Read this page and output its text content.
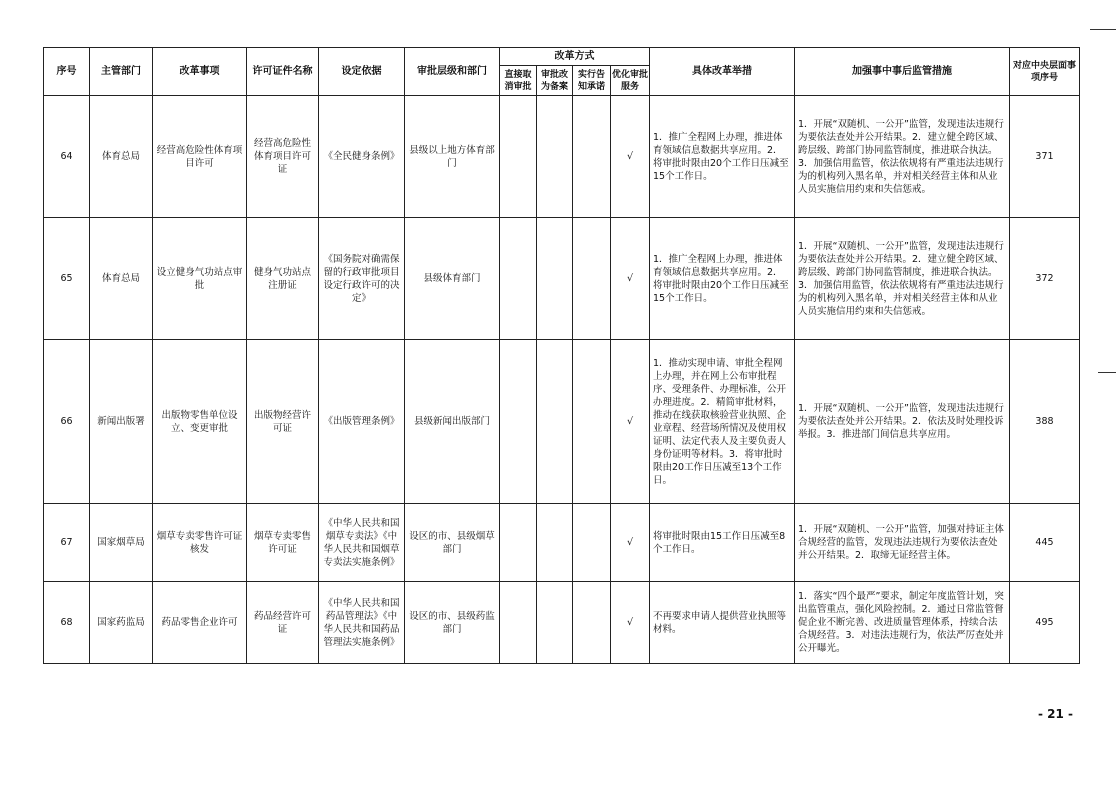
序号	主管部门	改革事项	许可证件名称	设定依据	审批层级和部门	改革方式				具体改革举措	加强事中事后监管措施	对应中央层面事项序号
						直接取消审批	审批改为备案	实行告知承诺	优化审批服务			
64	体育总局	经营高危险性体育项目许可	经营高危险性体育项目许可证	《全民健身条例》	县级以上地方体育部门				√	1．推广全程网上办理，推进体育领域信息数据共享应用。2．将审批时限由20个工作日压减至15个工作日。	1．开展“双随机、一公开”监管，发现违法违规行为要依法查处并公开结果。2．建立健全跨区域、跨层级、跨部门协同监管制度，推进联合执法。3．加强信用监管，依法依规将有严重违法违规行为的机构列入黑名单，并对相关经营主体和从业人员实施信用约束和失信惩戒。	371
65	体育总局	设立健身气功站点审批	健身气功站点注册证	《国务院对确需保留的行政审批项目设定行政许可的决定》	县级体育部门				√	1．推广全程网上办理，推进体育领域信息数据共享应用。2．将审批时限由20个工作日压减至15个工作日。	1．开展“双随机、一公开”监管，发现违法违规行为要依法查处并公开结果。2．建立健全跨区域、跨层级、跨部门协同监管制度，推进联合执法。3．加强信用监管，依法依规将有严重违法违规行为的机构列入黑名单，并对相关经营主体和从业人员实施信用约束和失信惩戒。	372
66	新闻出版署	出版物零售单位设立、变更审批	出版物经营许可证	《出版管理条例》	县级新闻出版部门				√	1．推动实现申请、审批全程网上办理，并在网上公布审批程序、受理条件、办理标准，公开办理进度。2．精简审批材料，推动在线获取核验营业执照、企业章程、经营场所情况及使用权证明、法定代表人及主要负责人身份证明等材料。3．将审批时限由20工作日压减至13个工作日。	1．开展“双随机、一公开”监管，发现违法违规行为要依法查处并公开结果。2．依法及时处理投诉举报。3．推进部门间信息共享应用。	388
67	国家烟草局	烟草专卖零售许可证核发	烟草专卖零售许可证	《中华人民共和国烟草专卖法》《中华人民共和国烟草专卖法实施条例》	设区的市、县级烟草部门				√	将审批时限由15工作日压减至8个工作日。	1．开展“双随机、一公开”监管，加强对持证主体合规经营的监管，发现违法违规行为要依法查处并公开结果。2．取缔无证经营主体。	445
68	国家药监局	药品零售企业许可	药品经营许可证	《中华人民共和国药品管理法》《中华人民共和国药品管理法实施条例》	设区的市、县级药监部门				√	不再要求申请人提供营业执照等材料。	1．落实“四个最严”要求，制定年度监管计划，突出监管重点，强化风险控制。2．通过日常监管督促企业不断完善、改进质量管理体系，持续合法合规经营。3．对违法违规行为，依法严厉查处并公开曝光。	495
- 21 -
